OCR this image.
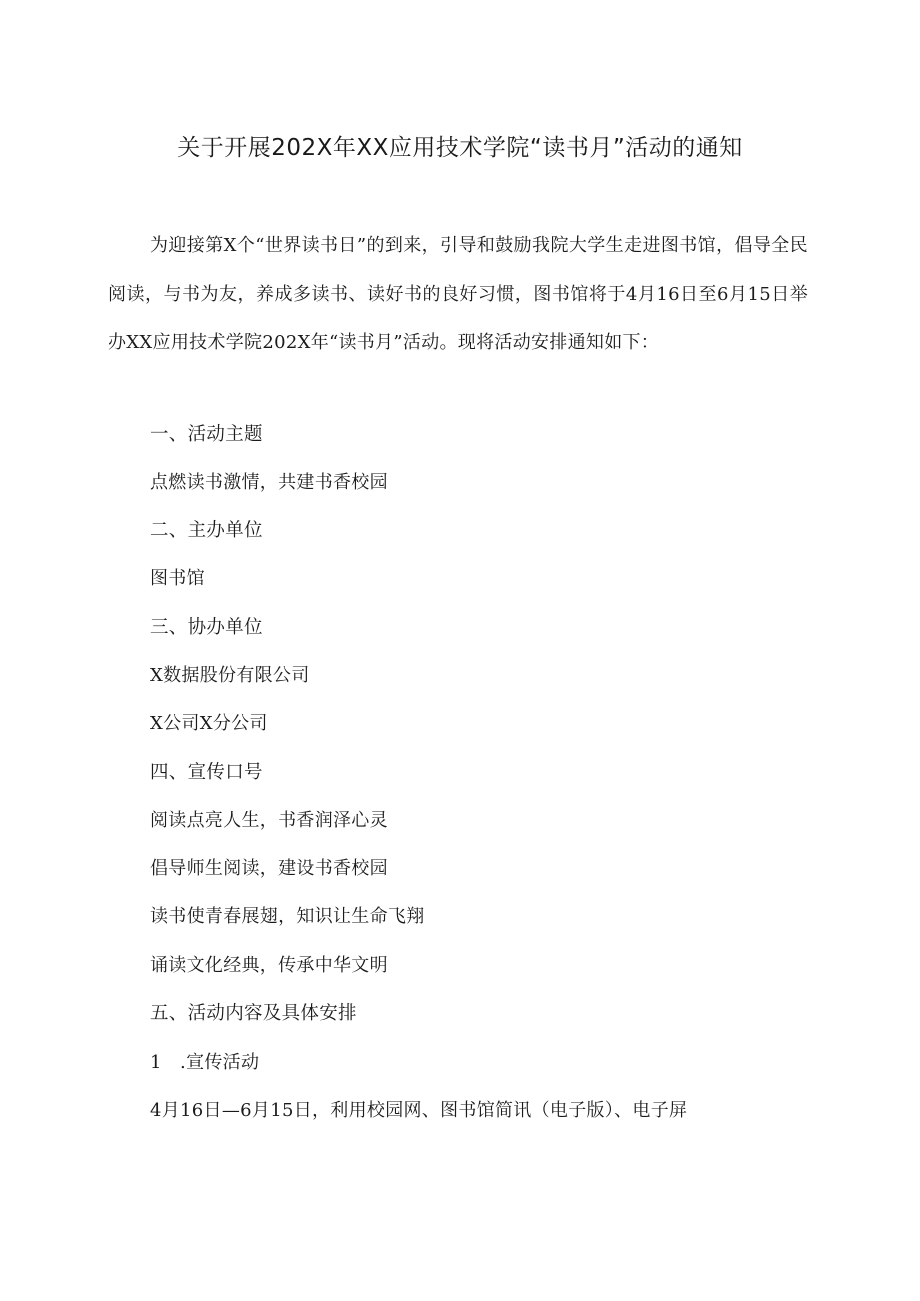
关于开展202X年XX应用技术学院“读书月”活动的通知

为迎接第X个“世界读书日”的到来，引导和鼓励我院大学生走进图书馆，倡导全民阅读，与书为友，养成多读书、读好书的良好习惯，图书馆将于4月16日至6月15日举办XX应用技术学院202X年“读书月”活动。现将活动安排通知如下：

一、活动主题

点燃读书激情，共建书香校园

二、主办单位

图书馆

三、协办单位

X数据股份有限公司

X公司X分公司

四、宣传口号

阅读点亮人生，书香润泽心灵

倡导师生阅读，建设书香校园

读书使青春展翅，知识让生命飞翔

诵读文化经典，传承中华文明

五、活动内容及具体安排

1　.宣传活动

4月16日—6月15日，利用校园网、图书馆简讯（电子版）、电子屏
